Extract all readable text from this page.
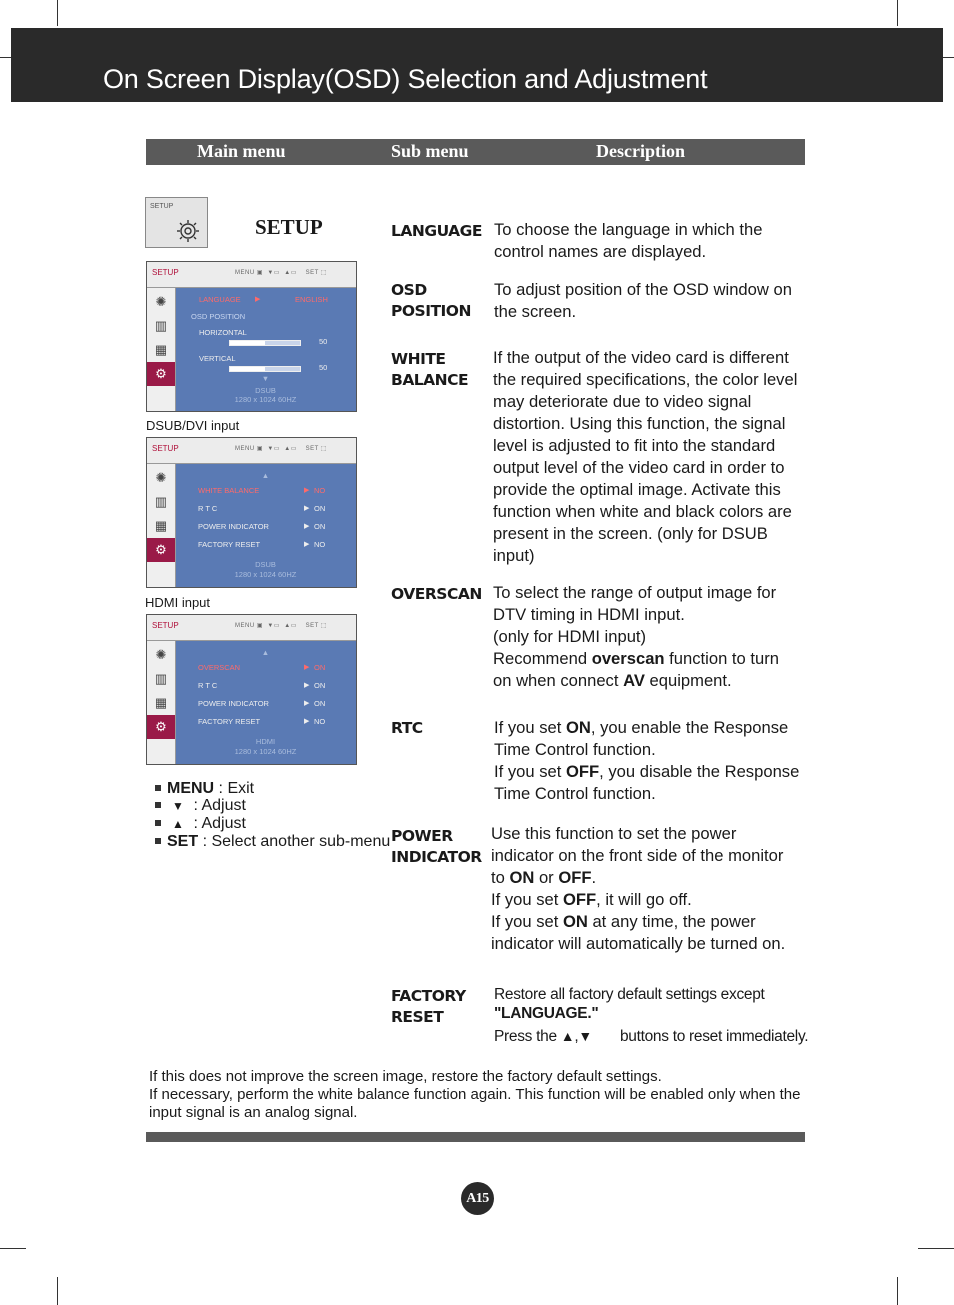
On Screen Display(OSD) Selection and Adjustment
Main menu	Sub menu	Description
SETUP
SETUP
SETUP	MENU ▣  ▼▭  ▲▭    SET ⬚
✺
▥
▦
⚙
LANGUAGE ▶	ENGLISH
OSD POSITION
HORIZONTAL
50
VERTICAL
50
▼
DSUB
1280 x 1024 60HZ
DSUB/DVI input
SETUP	MENU ▣  ▼▭  ▲▭    SET ⬚
✺
▥
▦
⚙
▲
WHITE BALANCE	▶ NO
R T C	▶ ON
POWER INDICATOR	▶ ON
FACTORY RESET	▶ NO
DSUB
1280 x 1024 60HZ
HDMI input
SETUP	MENU ▣  ▼▭  ▲▭    SET ⬚
✺
▥
▦
⚙
▲
OVERSCAN	▶ ON
R T C	▶ ON
POWER INDICATOR	▶ ON
FACTORY RESET	▶ NO
HDMI
1280 x 1024 60HZ
MENU : Exit
▼ : Adjust
▲ : Adjust
SET : Select another sub-menu
LANGUAGE To choose the language in which the control names are displayed.
OSD
POSITION
To adjust position of the OSD window on the screen.
WHITE
BALANCE
If the output of the video card is different the required specifications, the color level may deteriorate due to video signal distortion. Using this function, the signal level is adjusted to fit into the standard output level of the video card in order to provide the optimal image. Activate this function when white and black colors are present in the screen. (only for DSUB input)
OVERSCAN To select the range of output image for DTV timing in HDMI input.
(only for HDMI input)
Recommend overscan function to turn on when connect AV equipment.
RTC	If you set ON, you enable the Response Time Control function.
If you set OFF, you disable the Response Time Control function.
POWER
INDICATOR
Use this function to set the power indicator on the front side of the monitor to ON or OFF.
If you set OFF, it will go off.
If you set ON at any time, the power indicator will automatically be turned on.
FACTORY
RESET
Restore all factory default settings except
"LANGUAGE."
Press the ▲,▼ buttons to reset immediately.
If this does not improve the screen image, restore the factory default settings.
If necessary, perform the white balance function again. This function will be enabled only when the input signal is an analog signal.
A15
